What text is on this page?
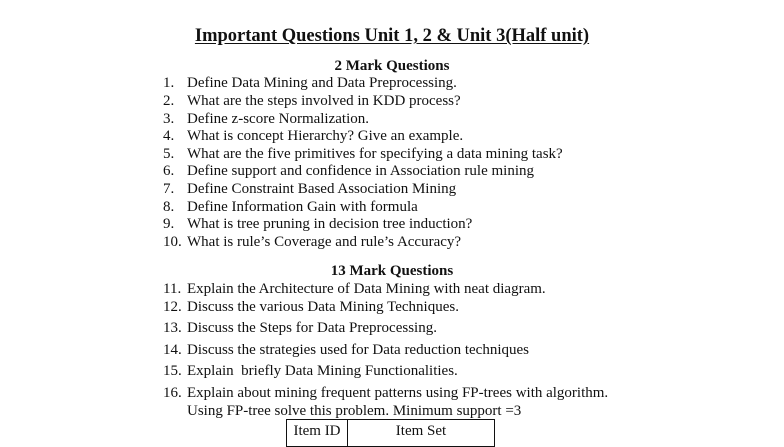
Important Questions Unit 1, 2 & Unit 3(Half unit)
2 Mark Questions
1. Define Data Mining and Data Preprocessing.
2. What are the steps involved in KDD process?
3. Define z-score Normalization.
4. What is concept Hierarchy? Give an example.
5. What are the five primitives for specifying a data mining task?
6. Define support and confidence in Association rule mining
7. Define Constraint Based Association Mining
8. Define Information Gain with formula
9. What is tree pruning in decision tree induction?
10. What is rule’s Coverage and rule’s Accuracy?
13 Mark Questions
11. Explain the Architecture of Data Mining with neat diagram.
12. Discuss the various Data Mining Techniques.
13. Discuss the Steps for Data Preprocessing.
14. Discuss the strategies used for Data reduction techniques
15. Explain  briefly Data Mining Functionalities.
16. Explain about mining frequent patterns using FP-trees with algorithm.
Using FP-tree solve this problem. Minimum support =3
Item ID	Item Set
